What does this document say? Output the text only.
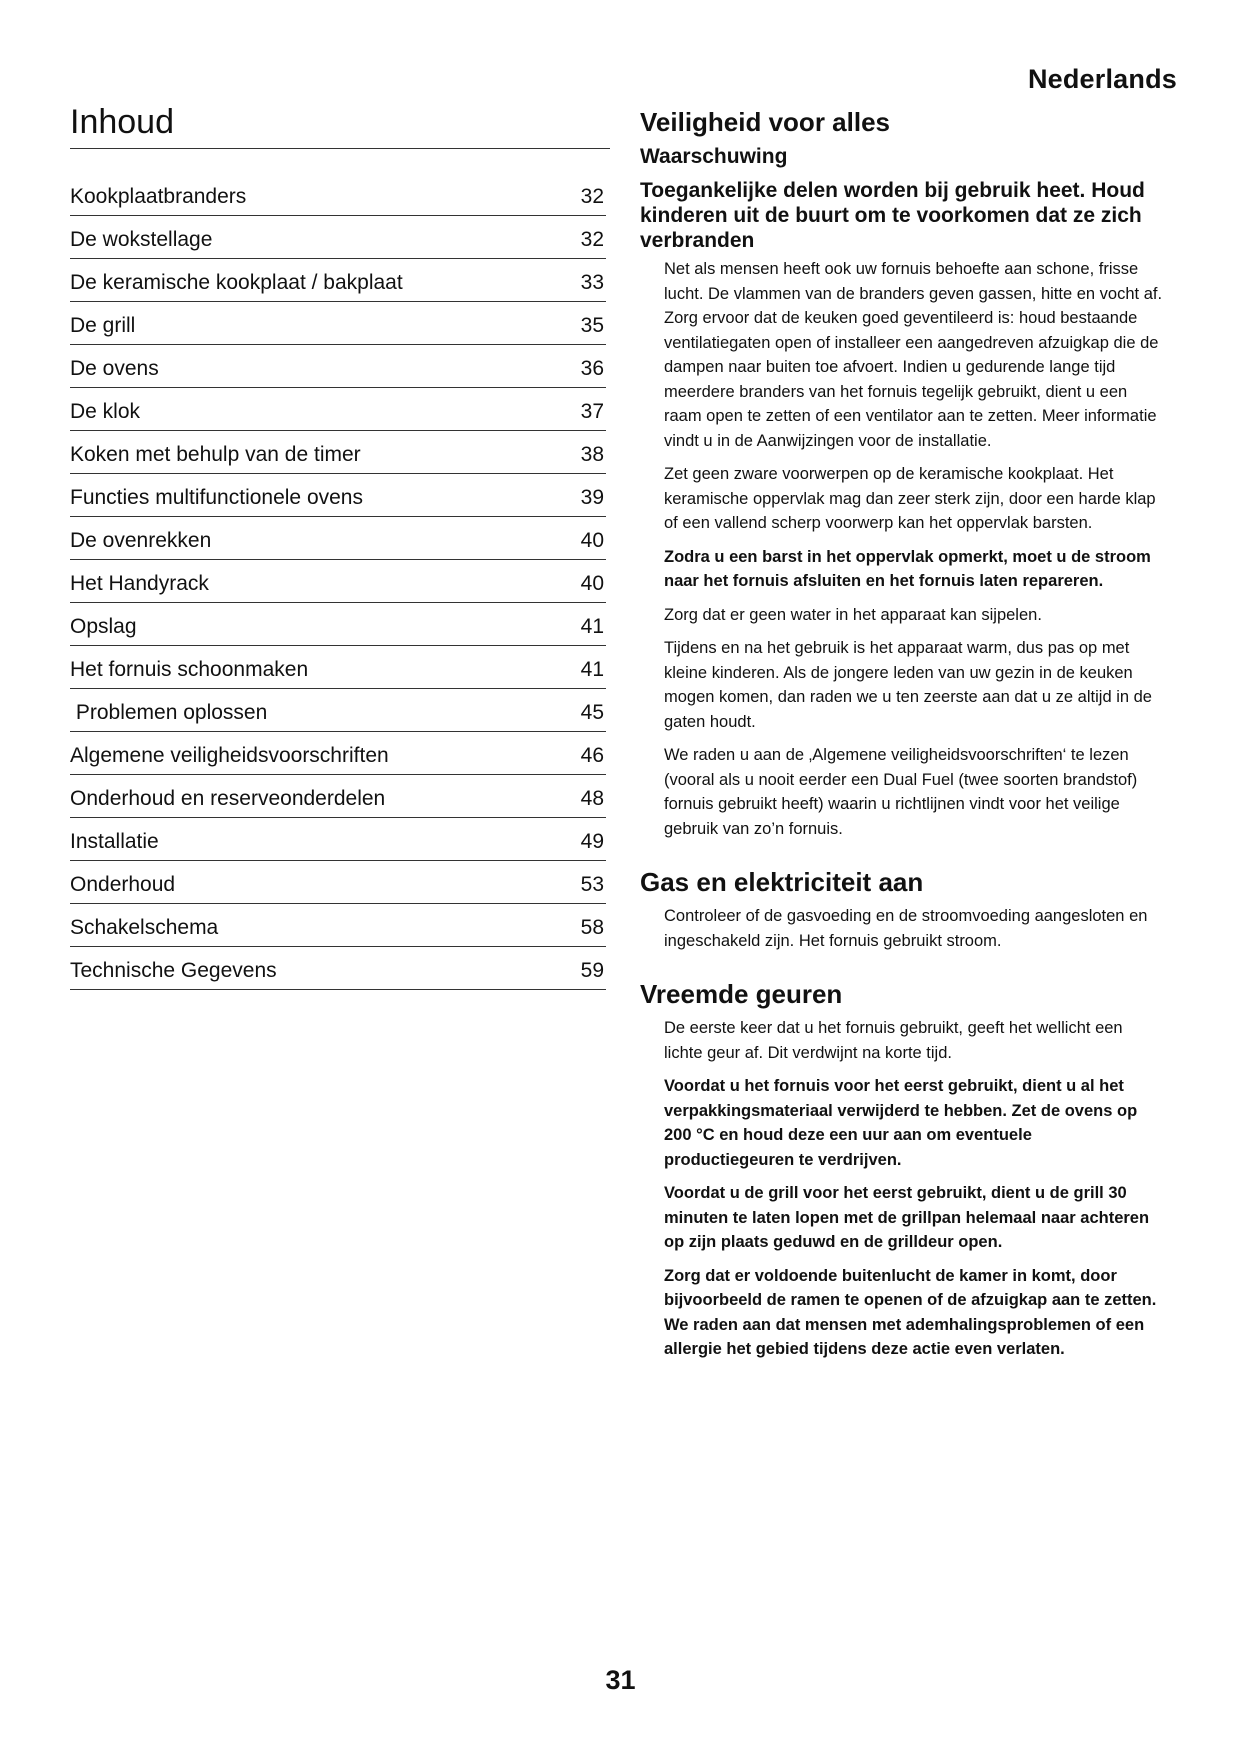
Nederlands
Inhoud
Kookplaatbranders	32
De wokstellage	32
De keramische kookplaat / bakplaat	33
De grill	35
De ovens	36
De klok	37
Koken met behulp van de timer	38
Functies multifunctionele ovens	39
De ovenrekken	40
Het Handyrack	40
Opslag	41
Het fornuis schoonmaken	41
Problemen oplossen	45
Algemene veiligheidsvoorschriften	46
Onderhoud en reserveonderdelen	48
Installatie	49
Onderhoud	53
Schakelschema	58
Technische Gegevens	59
Veiligheid voor alles
Waarschuwing
Toegankelijke delen worden bij gebruik heet. Houd kinderen uit de buurt om te voorkomen dat ze zich verbranden

Net als mensen heeft ook uw fornuis behoefte aan schone, frisse lucht. De vlammen van de branders geven gassen, hitte en vocht af. Zorg ervoor dat de keuken goed geventileerd is: houd bestaande ventilatiegaten open of installeer een aangedreven afzuigkap die de dampen naar buiten toe afvoert. Indien u gedurende lange tijd meerdere branders van het fornuis tegelijk gebruikt, dient u een raam open te zetten of een ventilator aan te zetten. Meer informatie vindt u in de Aanwijzingen voor de installatie.

Zet geen zware voorwerpen op de keramische kookplaat. Het keramische oppervlak mag dan zeer sterk zijn, door een harde klap of een vallend scherp voorwerp kan het oppervlak barsten.

Zodra u een barst in het oppervlak opmerkt, moet u de stroom naar het fornuis afsluiten en het fornuis laten repareren.

Zorg dat er geen water in het apparaat kan sijpelen.

Tijdens en na het gebruik is het apparaat warm, dus pas op met kleine kinderen. Als de jongere leden van uw gezin in de keuken mogen komen, dan raden we u ten zeerste aan dat u ze altijd in de gaten houdt.

We raden u aan de ‚Algemene veiligheidsvoorschriften‘ te lezen (vooral als u nooit eerder een Dual Fuel (twee soorten brandstof) fornuis gebruikt heeft) waarin u richtlijnen vindt voor het veilige gebruik van zo’n fornuis.

Gas en elektriciteit aan

Controleer of de gasvoeding en de stroomvoeding aangesloten en ingeschakeld zijn. Het fornuis gebruikt stroom.

Vreemde geuren

De eerste keer dat u het fornuis gebruikt, geeft het wellicht een lichte geur af. Dit verdwijnt na korte tijd.

Voordat u het fornuis voor het eerst gebruikt, dient u al het verpakkingsmateriaal verwijderd te hebben. Zet de ovens op 200 °C en houd deze een uur aan om eventuele productiegeuren te verdrijven.

Voordat u de grill voor het eerst gebruikt, dient u de grill 30 minuten te laten lopen met de grillpan helemaal naar achteren op zijn plaats geduwd en de grilldeur open.

Zorg dat er voldoende buitenlucht de kamer in komt, door bijvoorbeeld de ramen te openen of de afzuigkap aan te zetten. We raden aan dat mensen met ademhalingsproblemen of een allergie het gebied tijdens deze actie even verlaten.

31
